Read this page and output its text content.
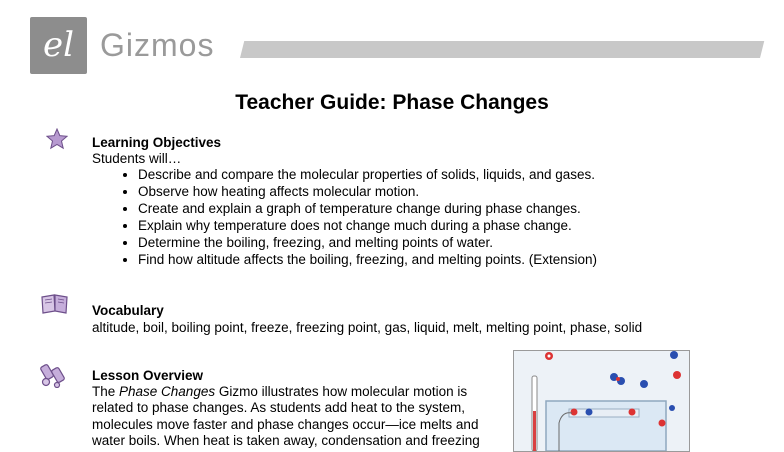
el Gizmos
Teacher Guide: Phase Changes
Learning Objectives
Students will…
• Describe and compare the molecular properties of solids, liquids, and gases.
• Observe how heating affects molecular motion.
• Create and explain a graph of temperature change during phase changes.
• Explain why temperature does not change much during a phase change.
• Determine the boiling, freezing, and melting points of water.
• Find how altitude affects the boiling, freezing, and melting points. (Extension)
Vocabulary
altitude, boil, boiling point, freeze, freezing point, gas, liquid, melt, melting point, phase, solid
Lesson Overview
The Phase Changes Gizmo illustrates how molecular motion is related to phase changes. As students add heat to the system, molecules move faster and phase changes occur—ice melts and water boils. When heat is taken away, condensation and freezing
